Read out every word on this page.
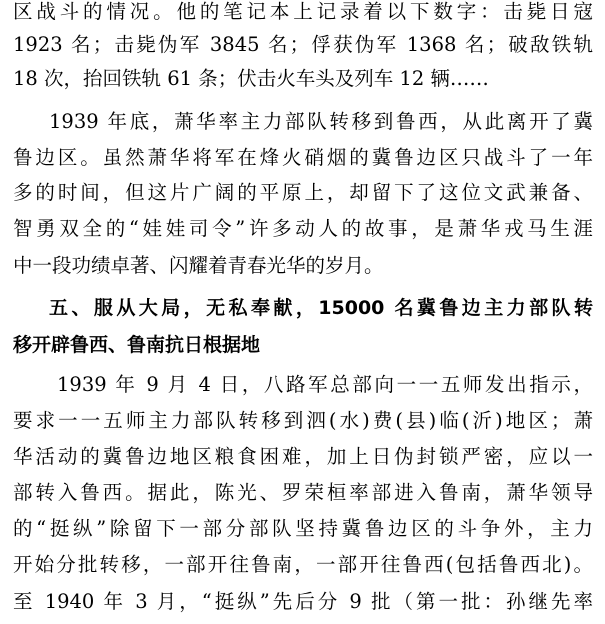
区战斗的情况。他的笔记本上记录着以下数字：击毙日寇
1923 名；击毙伪军 3845 名；俘获伪军 1368 名；破敌铁轨
18 次，抬回铁轨 61 条；伏击火车头及列车 12 辆……
1939 年底，萧华率主力部队转移到鲁西，从此离开了冀
鲁边区。虽然萧华将军在烽火硝烟的冀鲁边区只战斗了一年
多的时间，但这片广阔的平原上，却留下了这位文武兼备、
智勇双全的“娃娃司令”许多动人的故事，是萧华戎马生涯
中一段功绩卓著、闪耀着青春光华的岁月。
五、服从大局，无私奉献，15000 名冀鲁边主力部队转
移开辟鲁西、鲁南抗日根据地
1939 年 9 月 4 日，八路军总部向一一五师发出指示，
要求一一五师主力部队转移到泗(水)费(县)临(沂)地区；萧
华活动的冀鲁边地区粮食困难，加上日伪封锁严密，应以一
部转入鲁西。据此，陈光、罗荣桓率部进入鲁南，萧华领导
的“挺纵”除留下一部分部队坚持冀鲁边区的斗争外，主力
开始分批转移，一部开往鲁南，一部开往鲁西(包括鲁西北)。
至 1940 年 3 月，“挺纵”先后分 9 批（第一批：孙继先率
